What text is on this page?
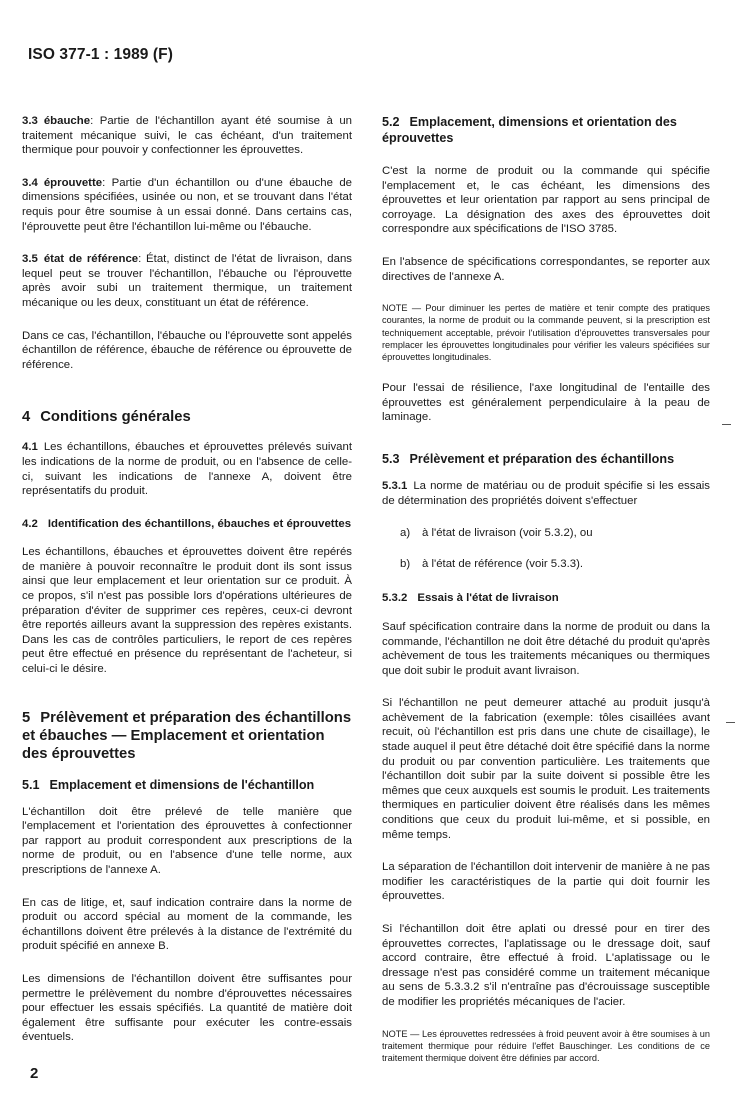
ISO 377-1 : 1989 (F)

3.3 ébauche: Partie de l'échantillon ayant été soumise à un traitement mécanique suivi, le cas échéant, d'un traitement thermique pour pouvoir y confectionner les éprouvettes.

3.4 éprouvette: Partie d'un échantillon ou d'une ébauche de dimensions spécifiées, usinée ou non, et se trouvant dans l'état requis pour être soumise à un essai donné. Dans certains cas, l'éprouvette peut être l'échantillon lui-même ou l'ébauche.

3.5 état de référence: État, distinct de l'état de livraison, dans lequel peut se trouver l'échantillon, l'ébauche ou l'éprouvette après avoir subi un traitement thermique, un traitement mécanique ou les deux, constituant un état de référence.

Dans ce cas, l'échantillon, l'ébauche ou l'éprouvette sont appelés échantillon de référence, ébauche de référence ou éprouvette de référence.

4 Conditions générales

4.1 Les échantillons, ébauches et éprouvettes prélevés suivant les indications de la norme de produit, ou en l'absence de celle-ci, suivant les indications de l'annexe A, doivent être représentatifs du produit.

4.2 Identification des échantillons, ébauches et éprouvettes

Les échantillons, ébauches et éprouvettes doivent être repérés de manière à pouvoir reconnaître le produit dont ils sont issus ainsi que leur emplacement et leur orientation sur ce produit. À ce propos, s'il n'est pas possible lors d'opérations ultérieures de préparation d'éviter de supprimer ces repères, ceux-ci devront être reportés ailleurs avant la suppression des repères existants. Dans les cas de contrôles particuliers, le report de ces repères peut être effectué en présence du représentant de l'acheteur, si celui-ci le désire.

5 Prélèvement et préparation des échantillons et ébauches — Emplacement et orientation des éprouvettes
5.1 Emplacement et dimensions de l'échantillon

L'échantillon doit être prélevé de telle manière que l'emplacement et l'orientation des éprouvettes à confectionner par rapport au produit correspondent aux prescriptions de la norme de produit, ou en l'absence d'une telle norme, aux prescriptions de l'annexe A.

En cas de litige, et, sauf indication contraire dans la norme de produit ou accord spécial au moment de la commande, les échantillons doivent être prélevés à la distance de l'extrémité du produit spécifié en annexe B.

Les dimensions de l'échantillon doivent être suffisantes pour permettre le prélèvement du nombre d'éprouvettes nécessaires pour effectuer les essais spécifiés. La quantité de matière doit également être suffisante pour exécuter les contre-essais éventuels.

5.2 Emplacement, dimensions et orientation des éprouvettes

C'est la norme de produit ou la commande qui spécifie l'emplacement et, le cas échéant, les dimensions des éprouvettes et leur orientation par rapport au sens principal de corroyage. La désignation des axes des éprouvettes doit correspondre aux spécifications de l'ISO 3785.

En l'absence de spécifications correspondantes, se reporter aux directives de l'annexe A.

NOTE — Pour diminuer les pertes de matière et tenir compte des pratiques courantes, la norme de produit ou la commande peuvent, si la prescription est techniquement acceptable, prévoir l'utilisation d'éprouvettes transversales pour remplacer les éprouvettes longitudinales pour vérifier les valeurs spécifiées sur éprouvettes longitudinales.

Pour l'essai de résilience, l'axe longitudinal de l'entaille des éprouvettes est généralement perpendiculaire à la peau de laminage.

5.3 Prélèvement et préparation des échantillons

5.3.1 La norme de matériau ou de produit spécifie si les essais de détermination des propriétés doivent s'effectuer

a) à l'état de livraison (voir 5.3.2), ou
b) à l'état de référence (voir 5.3.3).
5.3.2 Essais à l'état de livraison

Sauf spécification contraire dans la norme de produit ou dans la commande, l'échantillon ne doit être détaché du produit qu'après achèvement de tous les traitements mécaniques ou thermiques que doit subir le produit avant livraison.

Si l'échantillon ne peut demeurer attaché au produit jusqu'à achèvement de la fabrication (exemple: tôles cisaillées avant recuit, où l'échantillon est pris dans une chute de cisaillage), le stade auquel il peut être détaché doit être spécifié dans la norme du produit ou par convention particulière. Les traitements que l'échantillon doit subir par la suite doivent si possible être les mêmes que ceux auxquels est soumis le produit. Les traitements thermiques en particulier doivent être réalisés dans les mêmes conditions que ceux du produit lui-même, et si possible, en même temps.

La séparation de l'échantillon doit intervenir de manière à ne pas modifier les caractéristiques de la partie qui doit fournir les éprouvettes.

Si l'échantillon doit être aplati ou dressé pour en tirer des éprouvettes correctes, l'aplatissage ou le dressage doit, sauf accord contraire, être effectué à froid. L'aplatissage ou le dressage n'est pas considéré comme un traitement mécanique au sens de 5.3.3.2 s'il n'entraîne pas d'écrouissage susceptible de modifier les propriétés mécaniques de l'acier.

NOTE — Les éprouvettes redressées à froid peuvent avoir à être soumises à un traitement thermique pour réduire l'effet Bauschinger. Les conditions de ce traitement thermique doivent être définies par accord.

2
